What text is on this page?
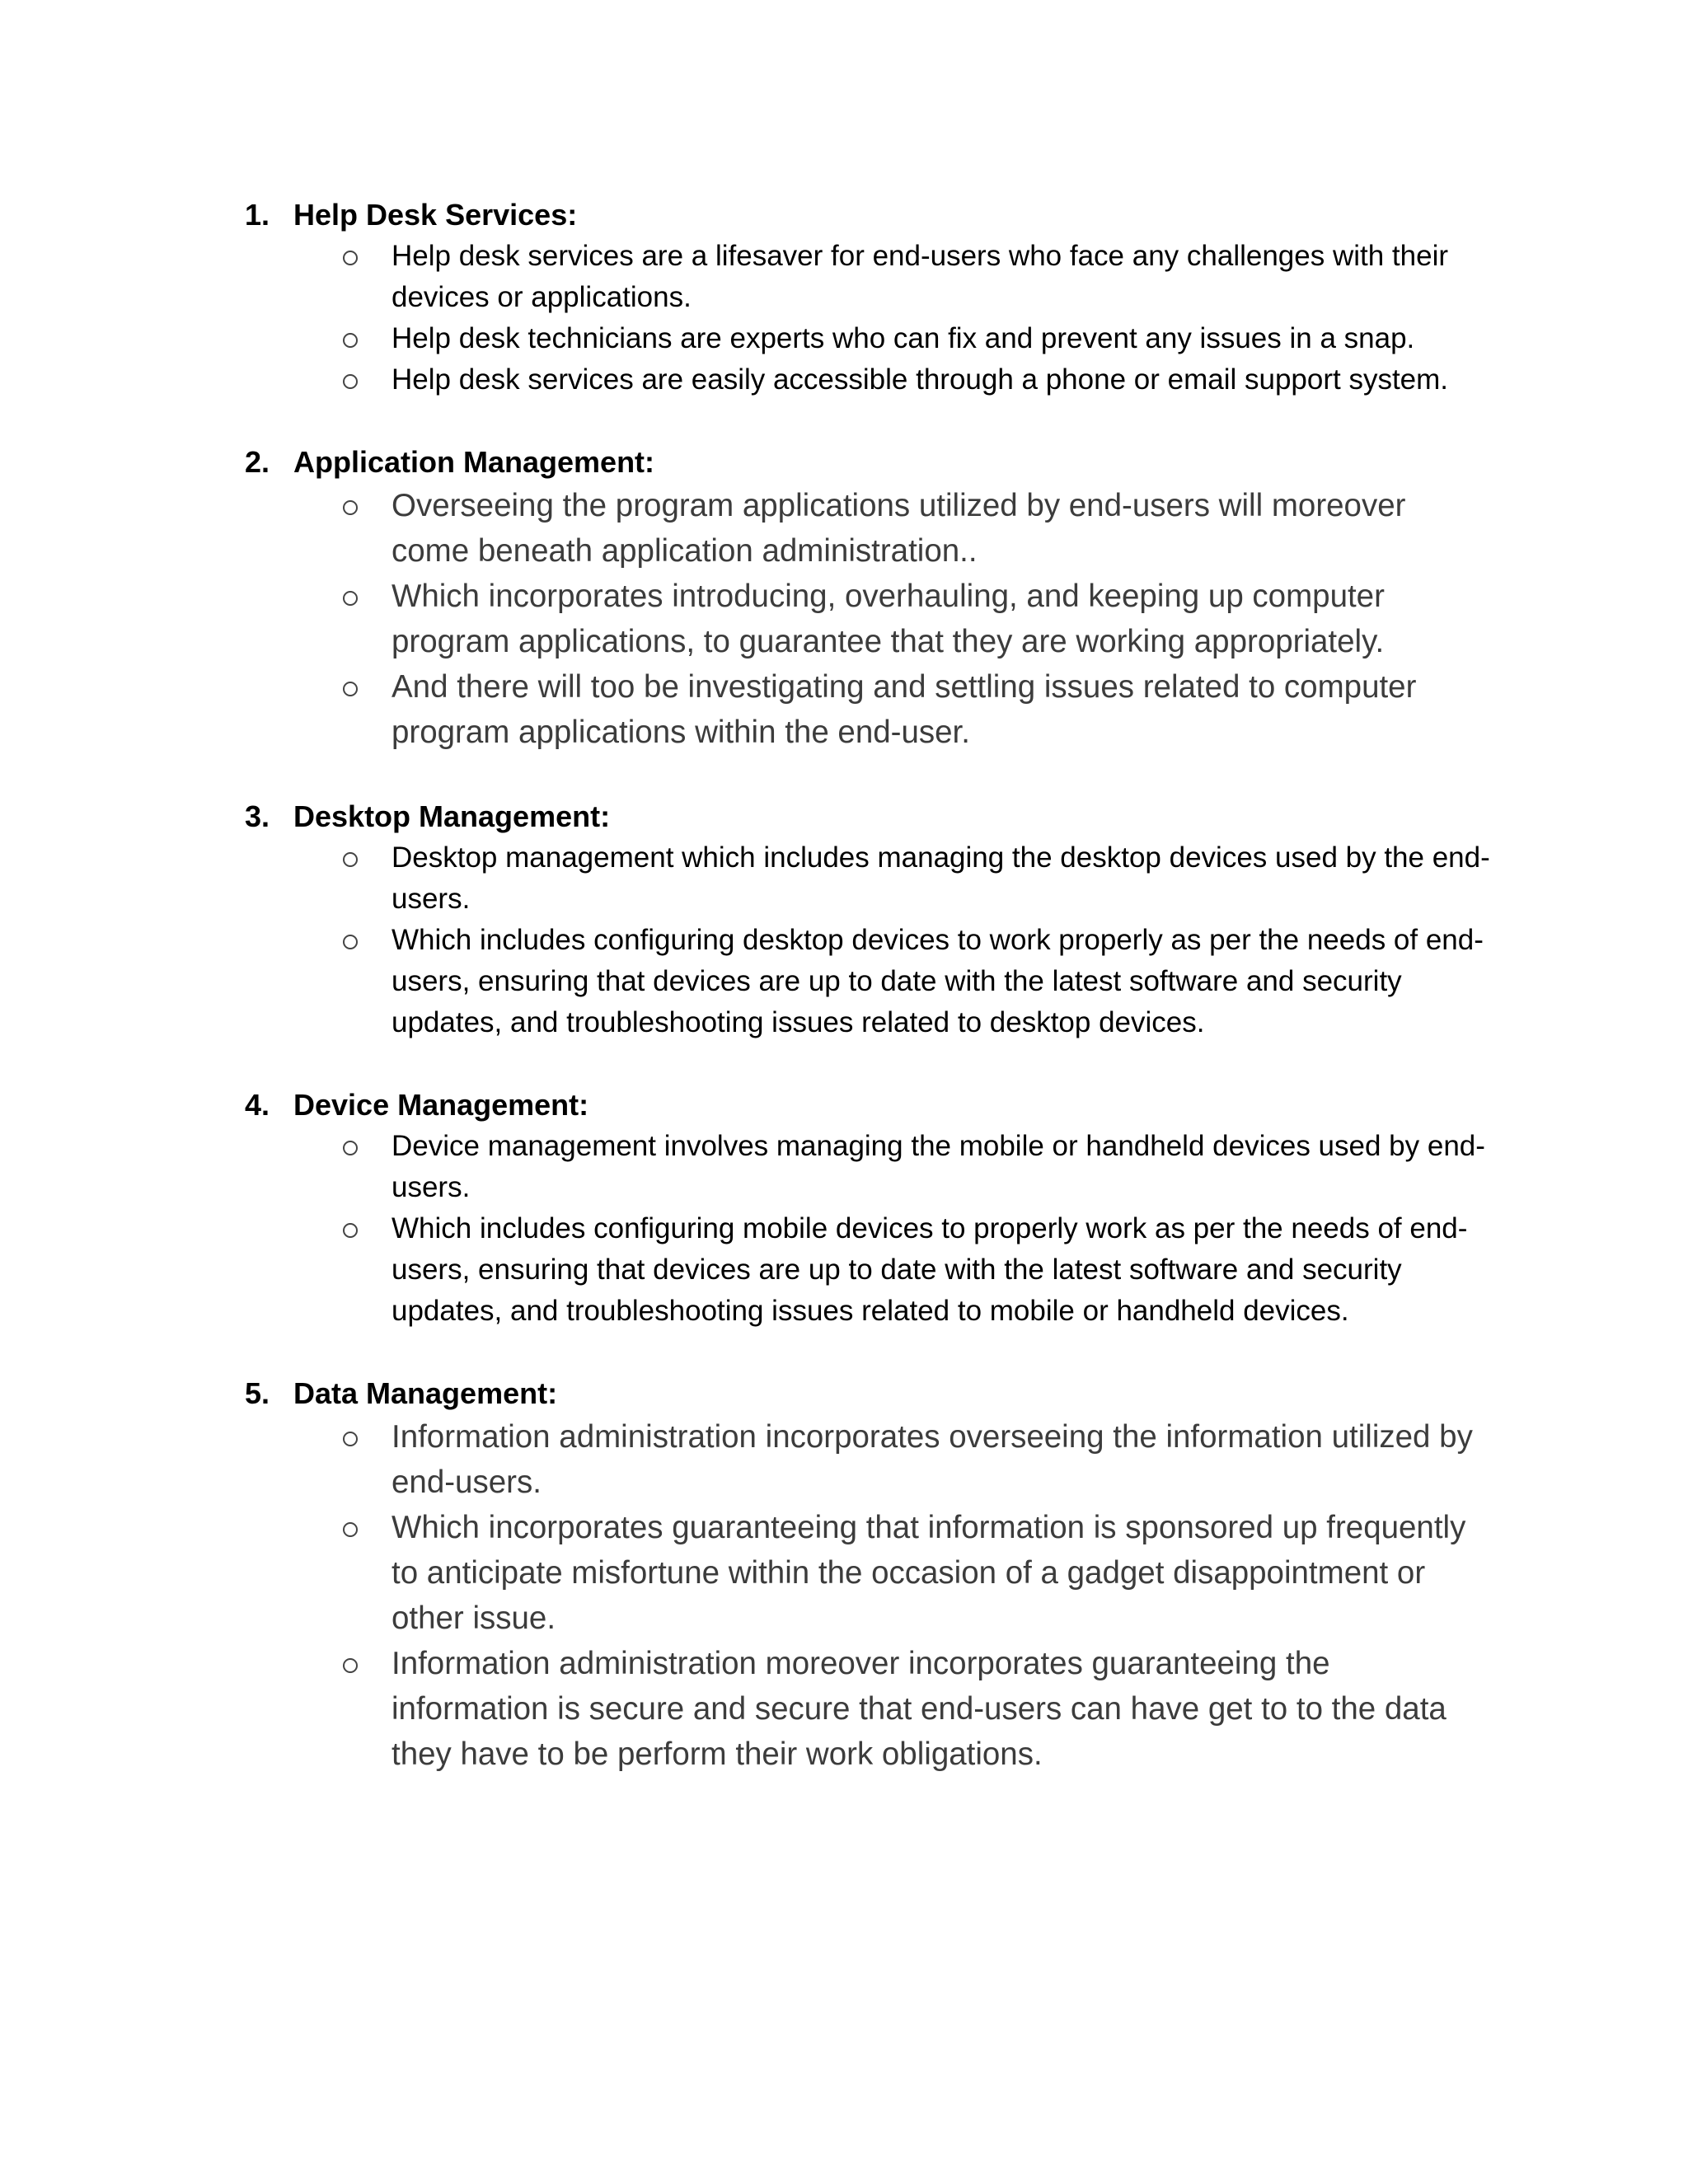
1. Help Desk Services:
Help desk services are a lifesaver for end-users who face any challenges with their devices or applications.
Help desk technicians are experts who can fix and prevent any issues in a snap.
Help desk services are easily accessible through a phone or email support system.
2. Application Management:
Overseeing the program applications utilized by end-users will moreover come beneath application administration..
Which incorporates introducing, overhauling, and keeping up computer program applications, to guarantee that they are working appropriately.
And there will too be investigating and settling issues related to computer program applications within the end-user.
3. Desktop Management:
Desktop management which includes managing the desktop devices used by the end-users.
Which includes configuring desktop devices to work properly as per the needs of end-users, ensuring that devices are up to date with the latest software and security updates, and troubleshooting issues related to desktop devices.
4. Device Management:
Device management involves managing the mobile or handheld devices used by end-users.
Which includes configuring mobile devices to properly work as per the needs of end-users, ensuring that devices are up to date with the latest software and security updates, and troubleshooting issues related to mobile or handheld devices.
5. Data Management:
Information administration incorporates overseeing the information utilized by end-users.
Which incorporates guaranteeing that information is sponsored up frequently to anticipate misfortune within the occasion of a gadget disappointment or other issue.
Information administration moreover incorporates guaranteeing the information is secure and secure that end-users can have get to to the data they have to be perform their work obligations.
